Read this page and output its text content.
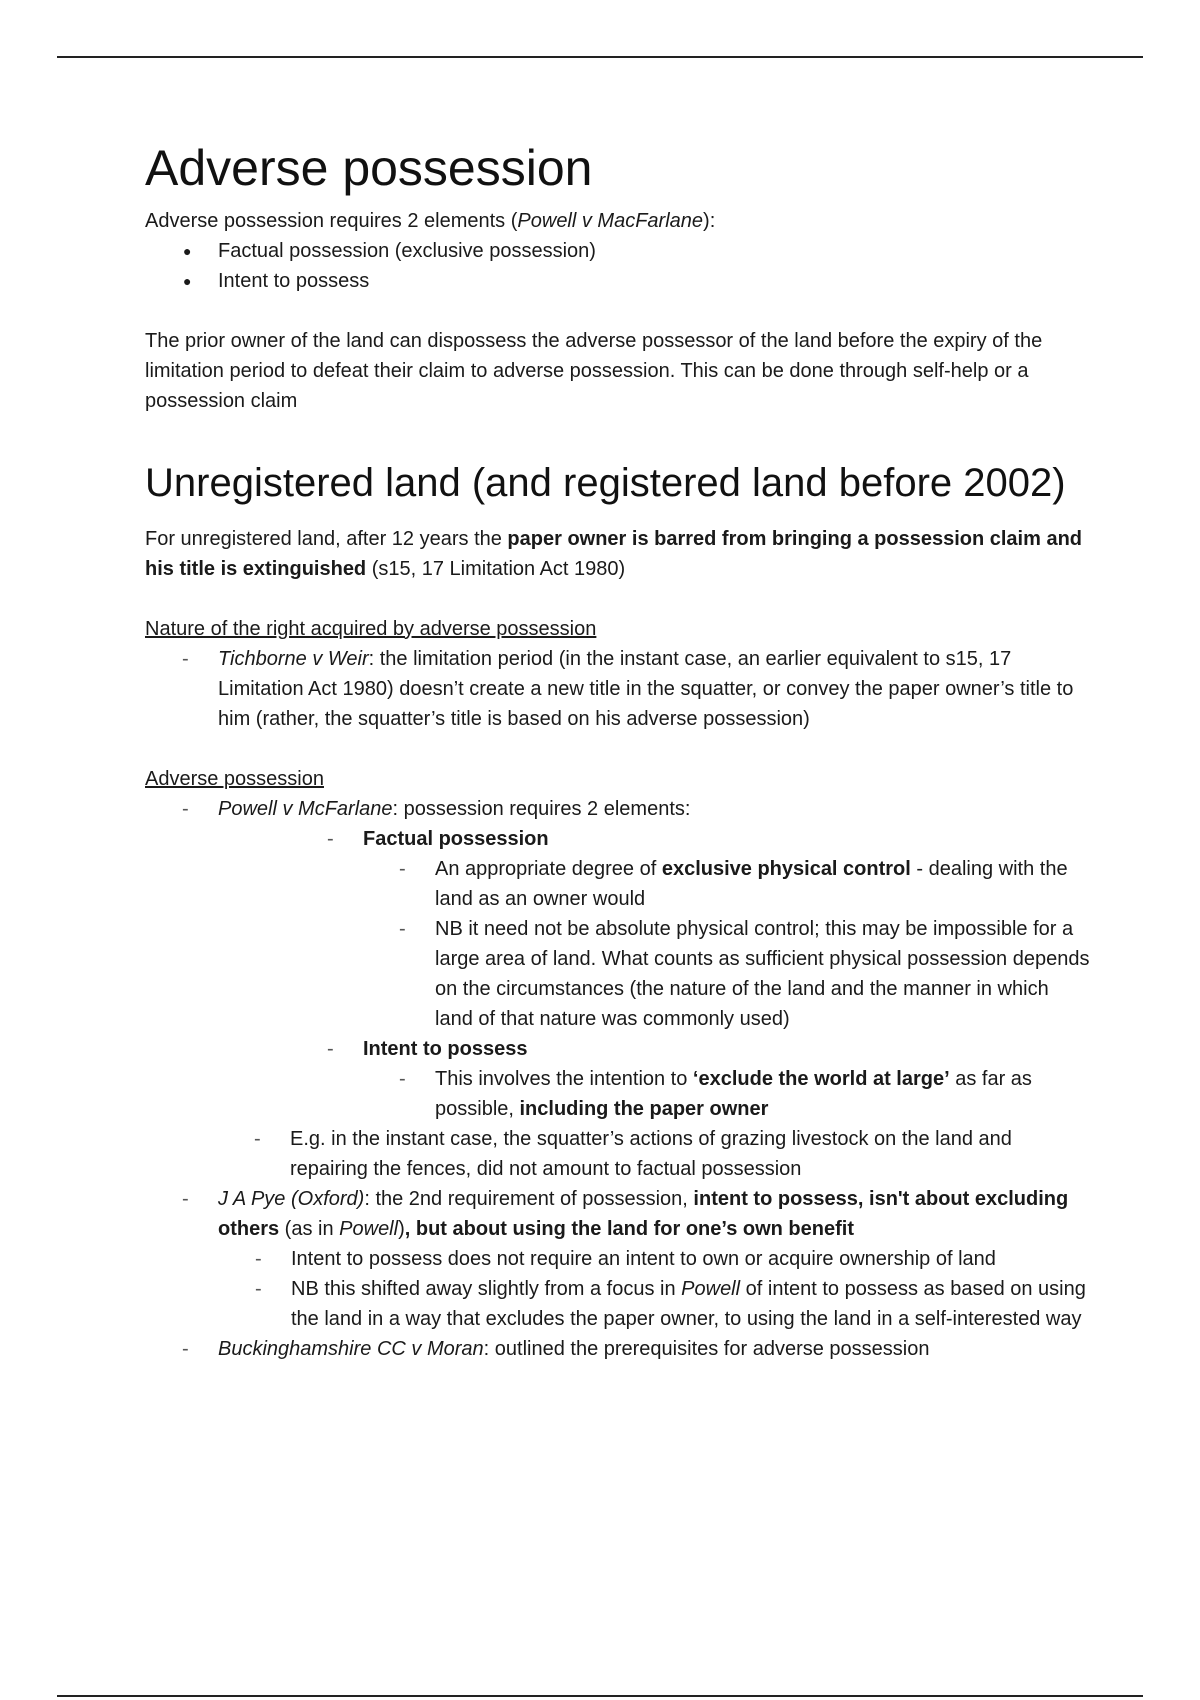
Adverse possession

Adverse possession requires 2 elements (Powell v MacFarlane):

● Factual possession (exclusive possession)
● Intent to possess

The prior owner of the land can dispossess the adverse possessor of the land before the expiry of the limitation period to defeat their claim to adverse possession. This can be done through self-help or a possession claim

Unregistered land (and registered land before 2002)

For unregistered land, after 12 years the paper owner is barred from bringing a possession claim and his title is extinguished (s15, 17 Limitation Act 1980)

Nature of the right acquired by adverse possession
- Tichborne v Weir: the limitation period (in the instant case, an earlier equivalent to s15, 17 Limitation Act 1980) doesn’t create a new title in the squatter, or convey the paper owner’s title to him (rather, the squatter’s title is based on his adverse possession)
Adverse possession
- Powell v McFarlane: possession requires 2 elements:
- Factual possession
- An appropriate degree of exclusive physical control - dealing with the land as an owner would
- NB it need not be absolute physical control; this may be impossible for a large area of land. What counts as sufficient physical possession depends on the circumstances (the nature of the land and the manner in which land of that nature was commonly used)
- Intent to possess
- This involves the intention to ‘exclude the world at large’ as far as possible, including the paper owner
- E.g. in the instant case, the squatter’s actions of grazing livestock on the land and repairing the fences, did not amount to factual possession
- J A Pye (Oxford): the 2nd requirement of possession, intent to possess, isn't about excluding others (as in Powell), but about using the land for one’s own benefit
- Intent to possess does not require an intent to own or acquire ownership of land
- NB this shifted away slightly from a focus in Powell of intent to possess as based on using the land in a way that excludes the paper owner, to using the land in a self-interested way
- Buckinghamshire CC v Moran: outlined the prerequisites for adverse possession
